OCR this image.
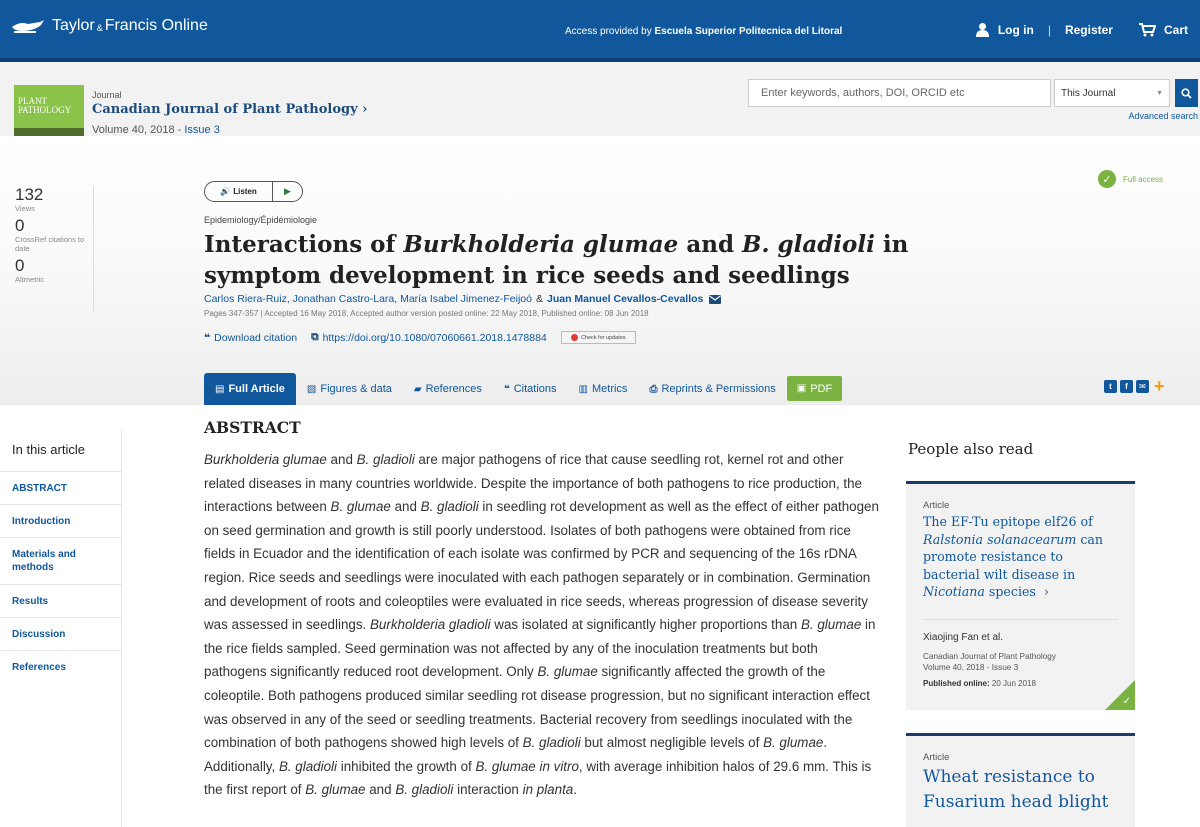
Taylor & Francis Online	Access provided by Escuela Superior Politecnica del Litoral	Log in | Register	Cart
PLANT PATHOLOGY
Journal
Canadian Journal of Plant Pathology ›
Volume 40, 2018 - Issue 3
Enter keywords, authors, DOI, ORCID etc	This Journal	▼
Advanced search
132
Views
0
CrossRef citations to date
0
Altmetric
✓	Full access
🔊 Listen	▶
Epidemiology/Épidémiologie
Interactions of Burkholderia glumae and B. gladioli in symptom development in rice seeds and seedlings
Carlos Riera-Ruiz, Jonathan Castro-Lara, María Isabel Jimenez-Feijoó & Juan Manuel Cevallos-Cevallos
Pages 347-357 | Accepted 16 May 2018, Accepted author version posted online: 22 May 2018, Published online: 08 Jun 2018
❝ Download citation ⧉ https://doi.org/10.1080/07060661.2018.1478884	Check for updates
▤ Full Article ▧ Figures & data ▰ References ❝ Citations ▥ Metrics ⎙ Reprints & Permissions ▣ PDF	t	f	✉ +
In this article
ABSTRACT
Introduction
Materials and methods
Results
Discussion
References
ABSTRACT

Burkholderia glumae and B. gladioli are major pathogens of rice that cause seedling rot, kernel rot and other related diseases in many countries worldwide. Despite the importance of both pathogens to rice production, the interactions between B. glumae and B. gladioli in seedling rot development as well as the effect of either pathogen on seed germination and growth is still poorly understood. Isolates of both pathogens were obtained from rice fields in Ecuador and the identification of each isolate was confirmed by PCR and sequencing of the 16s rDNA region. Rice seeds and seedlings were inoculated with each pathogen separately or in combination. Germination and development of roots and coleoptiles were evaluated in rice seeds, whereas progression of disease severity was assessed in seedlings. Burkholderia gladioli was isolated at significantly higher proportions than B. glumae in the rice fields sampled. Seed germination was not affected by any of the inoculation treatments but both pathogens significantly reduced root development. Only B. glumae significantly affected the growth of the coleoptile. Both pathogens produced similar seedling rot disease progression, but no significant interaction effect was observed in any of the seed or seedling treatments. Bacterial recovery from seedlings inoculated with the combination of both pathogens showed high levels of B. gladioli but almost negligible levels of B. glumae. Additionally, B. gladioli inhibited the growth of B. glumae in vitro, with average inhibition halos of 29.6 mm. This is the first report of B. glumae and B. gladioli interaction in planta.

People also read
Article
The EF-Tu epitope elf26 of Ralstonia solanacearum can promote resistance to bacterial wilt disease in Nicotiana species ›
Xiaojing Fan et al.
Canadian Journal of Plant Pathology
Volume 40, 2018 - Issue 3
Published online: 20 Jun 2018
✓
Article
Wheat resistance to Fusarium head blight
